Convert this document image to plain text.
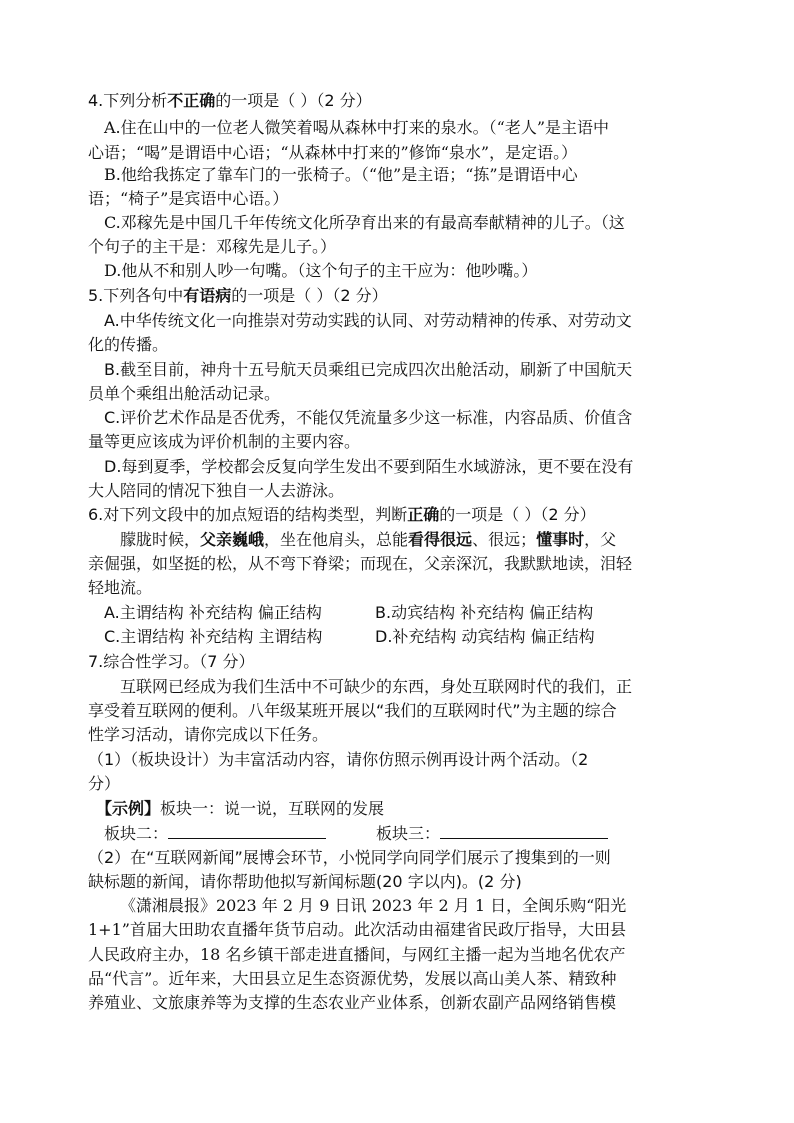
4.下列分析不正确的一项是（ ）（2 分）
A.住在山中的一位老人微笑着喝从森林中打来的泉水。（“老人”是主语中
心语；“喝”是谓语中心语；“从森林中打来的”修饰“泉水”，是定语。）
B.他给我拣定了靠车门的一张椅子。（“他”是主语；“拣”是谓语中心
语；“椅子”是宾语中心语。）
C.邓稼先是中国几千年传统文化所孕育出来的有最高奉献精神的儿子。（这
个句子的主干是：邓稼先是儿子。）
D.他从不和别人吵一句嘴。（这个句子的主干应为：他吵嘴。）
5.下列各句中有语病的一项是（ ）（2 分）
A.中华传统文化一向推崇对劳动实践的认同、对劳动精神的传承、对劳动文
化的传播。
B.截至目前，神舟十五号航天员乘组已完成四次出舱活动，刷新了中国航天
员单个乘组出舱活动记录。
C.评价艺术作品是否优秀，不能仅凭流量多少这一标准，内容品质、价值含
量等更应该成为评价机制的主要内容。
D.每到夏季，学校都会反复向学生发出不要到陌生水域游泳，更不要在没有
大人陪同的情况下独自一人去游泳。
6.对下列文段中的加点短语的结构类型，判断正确的一项是（ ）（2 分）
朦胧时候，父亲巍峨，坐在他肩头，总能看得很远、很远；懂事时，父
亲倔强，如坚挺的松，从不弯下脊梁；而现在，父亲深沉，我默默地读，泪轻
轻地流。
A.主谓结构 补充结构 偏正结构	B.动宾结构 补充结构 偏正结构
C.主谓结构 补充结构 主谓结构	D.补充结构 动宾结构 偏正结构
7.综合性学习。（7 分）
互联网已经成为我们生活中不可缺少的东西，身处互联网时代的我们，正
享受着互联网的便利。八年级某班开展以“我们的互联网时代”为主题的综合
性学习活动，请你完成以下任务。
（1）（板块设计）为丰富活动内容，请你仿照示例再设计两个活动。（2
分）
【示例】板块一：说一说，互联网的发展
板块二：	板块三：
（2）在“互联网新闻”展博会环节，小悦同学向同学们展示了搜集到的一则
缺标题的新闻，请你帮助他拟写新闻标题(20 字以内)。(2 分)
《潇湘晨报》2023 年 2 月 9 日讯 2023 年 2 月 1 日，全闽乐购“阳光
1+1”首届大田助农直播年货节启动。此次活动由福建省民政厅指导，大田县
人民政府主办，18 名乡镇干部走进直播间，与网红主播一起为当地名优农产
品“代言”。近年来，大田县立足生态资源优势，发展以高山美人茶、精致种
养殖业、文旅康养等为支撑的生态农业产业体系，创新农副产品网络销售模
